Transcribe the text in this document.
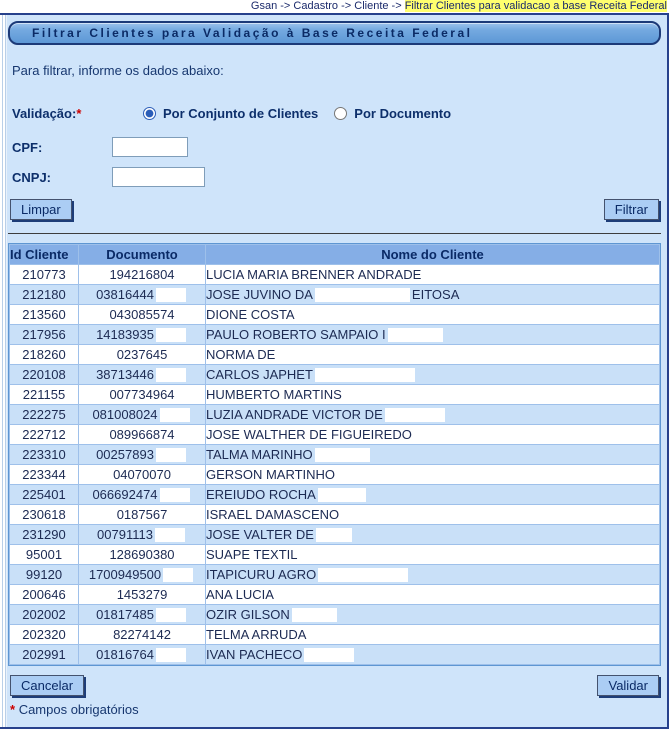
Gsan -> Cadastro -> Cliente -> Filtrar Clientes para validacao a base Receita Federal
Filtrar Clientes para Validação à Base Receita Federal
Para filtrar, informe os dados abaixo:
Validação:*	Por Conjunto de Clientes	Por Documento
CPF:
CNPJ:
Limpar	Filtrar
Id Cliente	Documento	Nome do Cliente
210773	194216804	LUCIA MARIA BRENNER ANDRADE
212180	03816444	JOSE JUVINO DA EITOSA
213560	043085574	DIONE COSTA
217956	14183935	PAULO ROBERTO SAMPAIO I
218260	0237645	NORMA DE
220108	38713446	CARLOS JAPHET
221155	007734964	HUMBERTO MARTINS
222275	081008024	LUZIA ANDRADE VICTOR DE
222712	089966874	JOSE WALTHER DE FIGUEIREDO
223310	00257893	TALMA MARINHO
223344	04070070	GERSON MARTINHO
225401	066692474	EREIUDO ROCHA
230618	0187567	ISRAEL DAMASCENO
231290	00791113	JOSE VALTER DE
95001	128690380	SUAPE TEXTIL
99120	1700949500	ITAPICURU AGRO
200646	1453279	ANA LUCIA
202002	01817485	OZIR GILSON
202320	82274142	TELMA ARRUDA
202991	01816764	IVAN PACHECO
Cancelar	Validar
* Campos obrigatórios
